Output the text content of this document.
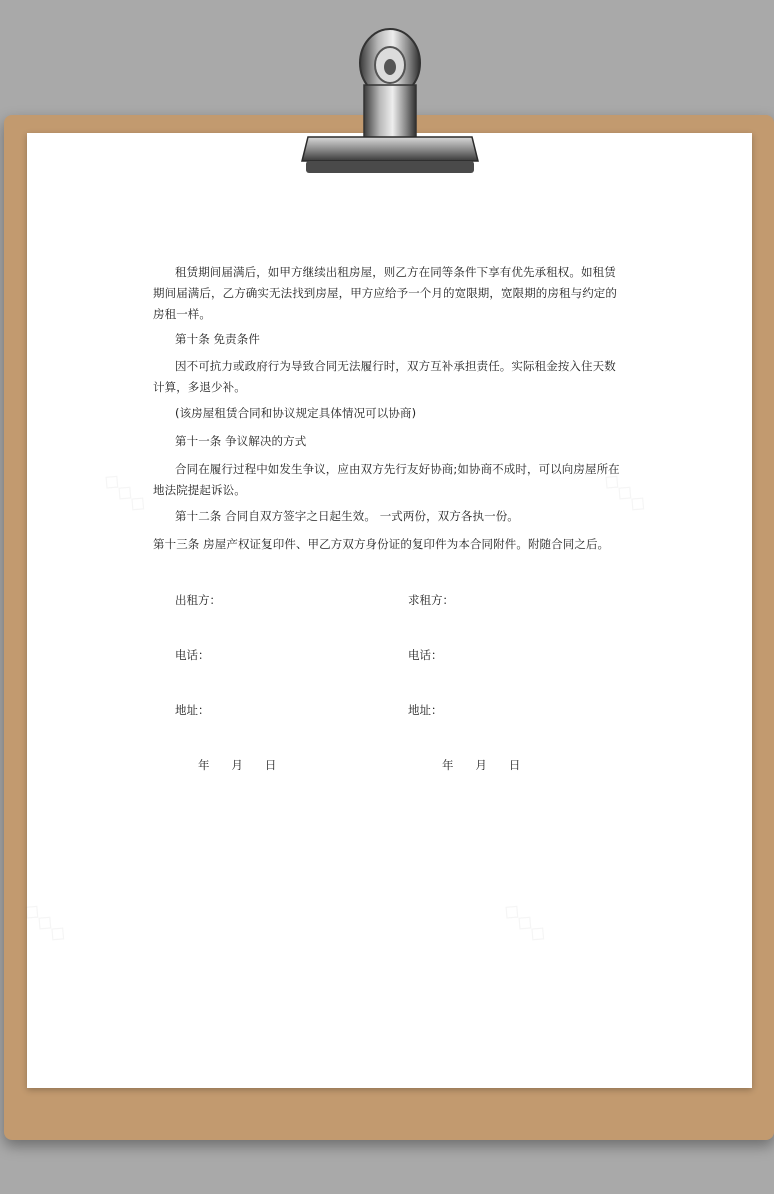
租赁期间届满后，如甲方继续出租房屋，则乙方在同等条件下享有优先承租权。如租赁期间届满后，乙方确实无法找到房屋，甲方应给予一个月的宽限期，宽限期的房租与约定的房租一样。

第十条 免责条件

因不可抗力或政府行为导致合同无法履行时，双方互补承担责任。实际租金按入住天数计算，多退少补。

(该房屋租赁合同和协议规定具体情况可以协商)

第十一条 争议解决的方式

合同在履行过程中如发生争议，应由双方先行友好协商;如协商不成时，可以向房屋所在地法院提起诉讼。

第十二条 合同自双方签字之日起生效。 一式两份，双方各执一份。

第十三条 房屋产权证复印件、甲乙方双方身份证的复印件为本合同附件。附随合同之后。

出租方：	求租方：
电话：	电话：
地址：	地址：
年      月      日	年      月      日
